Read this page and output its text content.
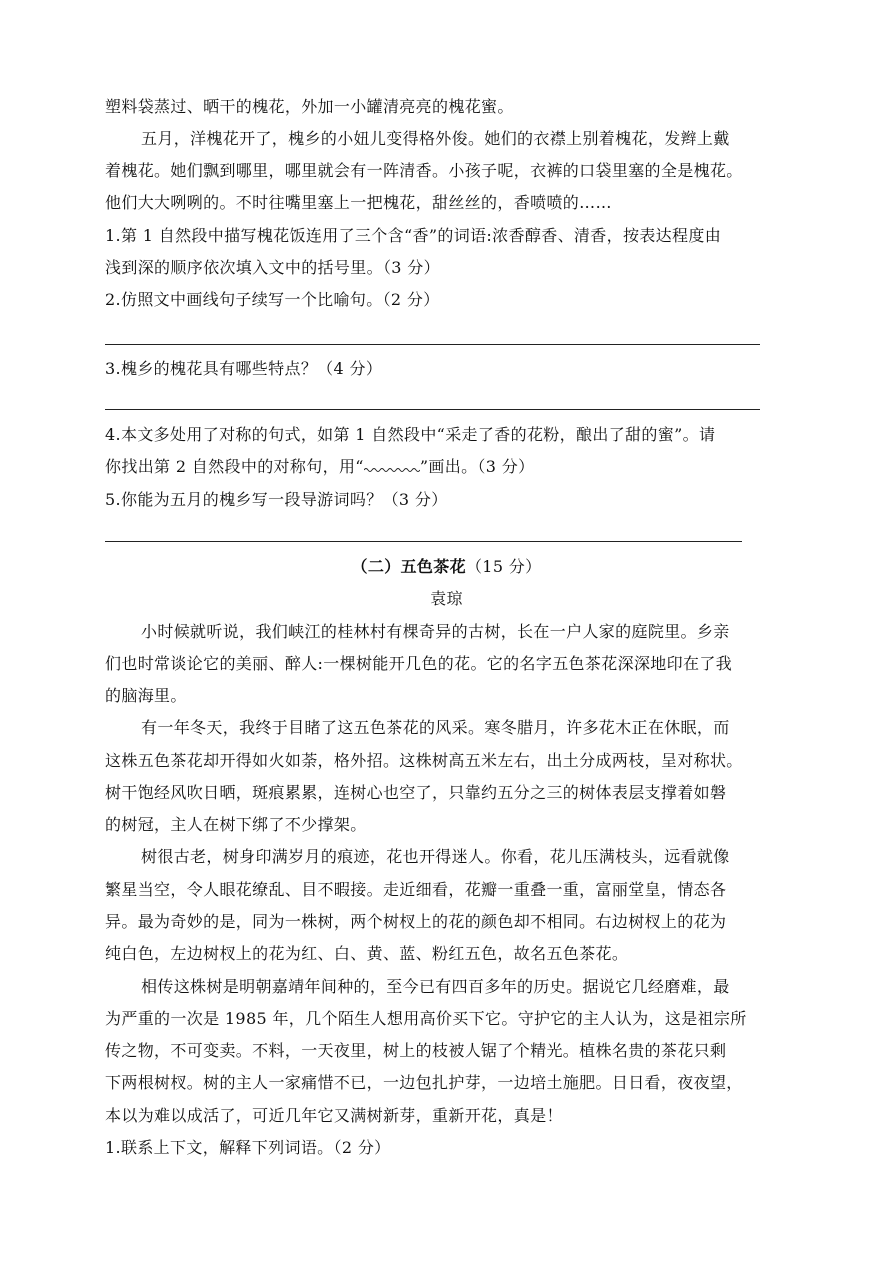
塑料袋蒸过、晒干的槐花，外加一小罐清亮亮的槐花蜜。
五月，洋槐花开了，槐乡的小妞儿变得格外俊。她们的衣襟上别着槐花，发辫上戴
着槐花。她们飘到哪里，哪里就会有一阵清香。小孩子呢，衣裤的口袋里塞的全是槐花。
他们大大咧咧的。不时往嘴里塞上一把槐花，甜丝丝的，香喷喷的……
1.第 1 自然段中描写槐花饭连用了三个含“香”的词语:浓香醇香、清香，按表达程度由
浅到深的顺序依次填入文中的括号里。（3 分）
2.仿照文中画线句子续写一个比喻句。（2 分）
3.槐乡的槐花具有哪些特点？（4 分）
4.本文多处用了对称的句式，如第 1 自然段中“采走了香的花粉，酿出了甜的蜜”。请
你找出第 2 自然段中的对称句，用“	”画出。（3 分）
5.你能为五月的槐乡写一段导游词吗？（3 分）
（二）五色茶花（15 分）
袁琼
小时候就听说，我们峡江的桂林村有棵奇异的古树，长在一户人家的庭院里。乡亲
们也时常谈论它的美丽、醉人:一棵树能开几色的花。它的名字五色茶花深深地印在了我
的脑海里。
有一年冬天，我终于目睹了这五色茶花的风采。寒冬腊月，许多花木正在休眠，而
这株五色茶花却开得如火如荼，格外招。这株树高五米左右，出土分成两枝，呈对称状。
树干饱经风吹日晒，斑痕累累，连树心也空了，只靠约五分之三的树体表层支撑着如磐
的树冠，主人在树下绑了不少撑架。
树很古老，树身印满岁月的痕迹，花也开得迷人。你看，花儿压满枝头，远看就像
繁星当空，令人眼花缭乱、目不暇接。走近细看，花瓣一重叠一重，富丽堂皇，情态各
异。最为奇妙的是，同为一株树，两个树杈上的花的颜色却不相同。右边树杈上的花为
纯白色，左边树杈上的花为红、白、黄、蓝、粉红五色，故名五色茶花。
相传这株树是明朝嘉靖年间种的，至今已有四百多年的历史。据说它几经磨难，最
为严重的一次是 1985 年，几个陌生人想用高价买下它。守护它的主人认为，这是祖宗所
传之物，不可变卖。不料，一天夜里，树上的枝被人锯了个精光。植株名贵的茶花只剩
下两根树杈。树的主人一家痛惜不已，一边包扎护芽，一边培土施肥。日日看，夜夜望，
本以为难以成活了，可近几年它又满树新芽，重新开花，真是！
1.联系上下文，解释下列词语。（2 分）
